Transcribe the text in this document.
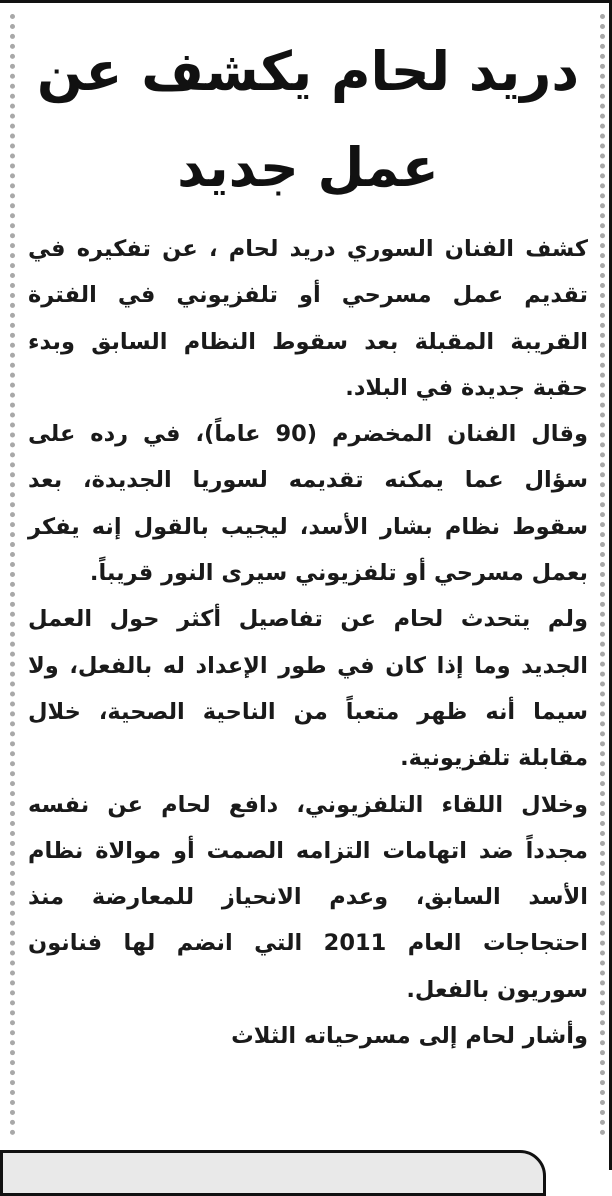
دريد لحام يكشف عن عمل جديد

كشف الفنان السوري دريد لحام ، عن تفكيره في تقديم عمل مسرحي أو تلفزيوني في الفترة القريبة المقبلة بعد سقوط النظام السابق وبدء حقبة جديدة في البلاد.

وقال الفنان المخضرم (90 عاماً)، في رده على سؤال عما يمكنه تقديمه لسوريا الجديدة، بعد سقوط نظام بشار الأسد، ليجيب بالقول إنه يفكر بعمل مسرحي أو تلفزيوني سيرى النور قريباً.

ولم يتحدث لحام عن تفاصيل أكثر حول العمل الجديد وما إذا كان في طور الإعداد له بالفعل، ولا سيما أنه ظهر متعباً من الناحية الصحية، خلال مقابلة تلفزيونية.

وخلال اللقاء التلفزيوني، دافع لحام عن نفسه مجدداً ضد اتهامات التزامه الصمت أو موالاة نظام الأسد السابق، وعدم الانحياز للمعارضة منذ احتجاجات العام 2011 التي انضم لها فنانون سوريون بالفعل.

وأشار لحام إلى مسرحياته الثلاث
